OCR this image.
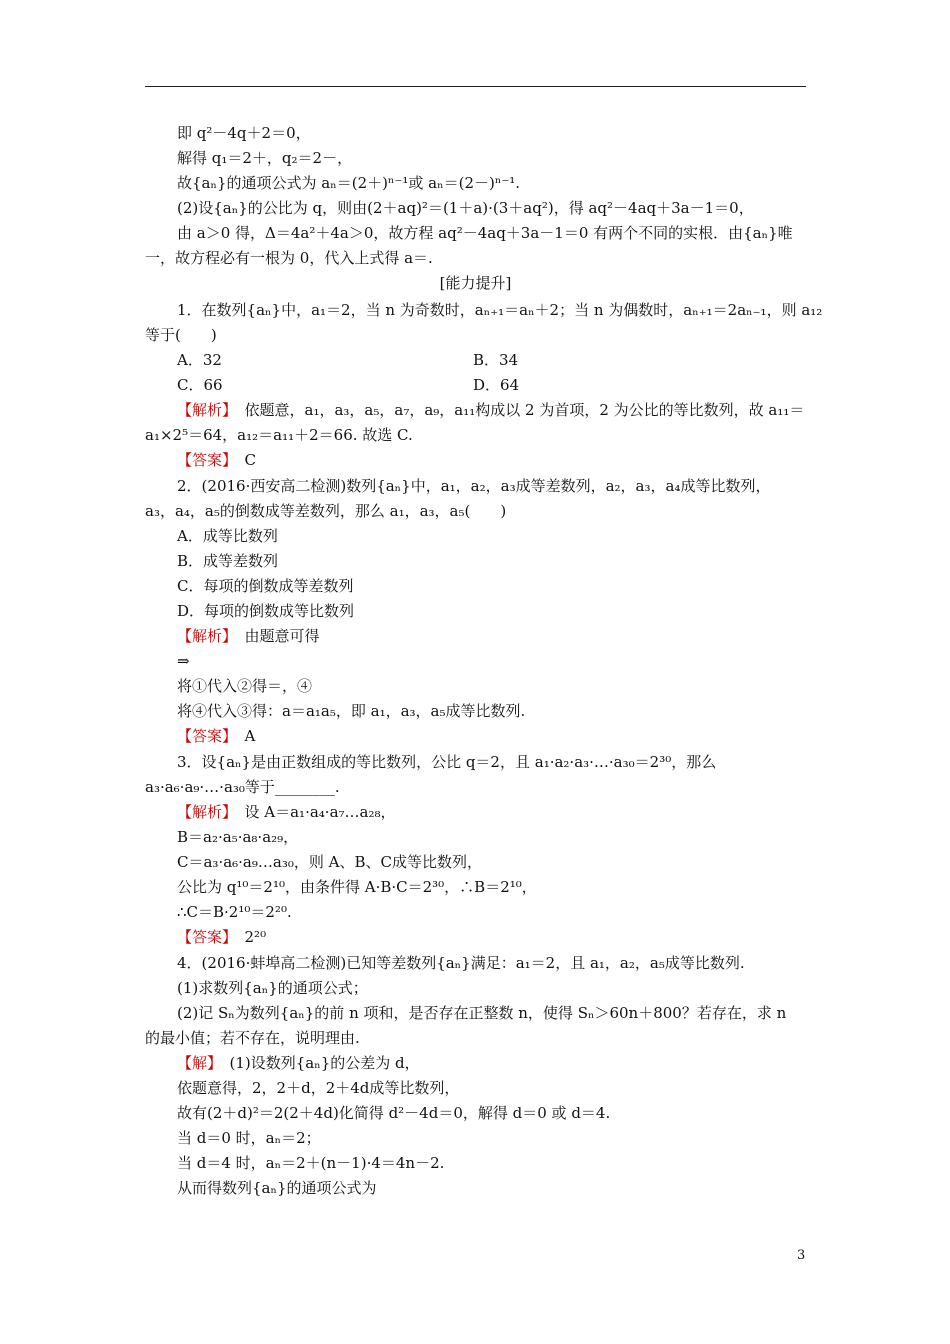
即 q²－4q＋2＝0，
解得 q₁＝2＋，q₂＝2－，
故{aₙ}的通项公式为 aₙ＝(2＋)ⁿ⁻¹或 aₙ＝(2－)ⁿ⁻¹.
(2)设{aₙ}的公比为 q，则由(2＋aq)²＝(1＋a)·(3＋aq²)，得 aq²－4aq＋3a－1＝0，
由 a＞0 得，Δ＝4a²＋4a＞0，故方程 aq²－4aq＋3a－1＝0 有两个不同的实根．由{aₙ}唯
一，故方程必有一根为 0，代入上式得 a＝.
[能力提升]
1．在数列{aₙ}中，a₁＝2，当 n 为奇数时，aₙ₊₁＝aₙ＋2；当 n 为偶数时，aₙ₊₁＝2aₙ₋₁，则 a₁₂
等于(　　)
A．32	B．34
C．66	D．64
【解析】　依题意，a₁，a₃，a₅，a₇，a₉，a₁₁构成以 2 为首项，2 为公比的等比数列，故 a₁₁＝
a₁×2⁵＝64，a₁₂＝a₁₁＋2＝66. 故选 C.
【答案】　C
2．(2016·西安高二检测)数列{aₙ}中，a₁，a₂，a₃成等差数列，a₂，a₃，a₄成等比数列，
a₃，a₄，a₅的倒数成等差数列，那么 a₁，a₃，a₅(　　)
A．成等比数列
B．成等差数列
C．每项的倒数成等差数列
D．每项的倒数成等比数列
【解析】　由题意可得
⇒
将①代入②得＝，④
将④代入③得：a＝a₁a₅，即 a₁，a₃，a₅成等比数列.
【答案】　A
3．设{aₙ}是由正数组成的等比数列，公比 q＝2，且 a₁·a₂·a₃·…·a₃₀＝2³⁰，那么
a₃·a₆·a₉·…·a₃₀等于________.
【解析】　设 A＝a₁·a₄·a₇…a₂₈，
B＝a₂·a₅·a₈·a₂₉，
C＝a₃·a₆·a₉…a₃₀，则 A、B、C成等比数列，
公比为 q¹⁰＝2¹⁰，由条件得 A·B·C＝2³⁰，∴B＝2¹⁰，
∴C＝B·2¹⁰＝2²⁰.
【答案】　2²⁰
4．(2016·蚌埠高二检测)已知等差数列{aₙ}满足：a₁＝2，且 a₁，a₂，a₅成等比数列.
(1)求数列{aₙ}的通项公式；
(2)记 Sₙ为数列{aₙ}的前 n 项和，是否存在正整数 n，使得 Sₙ＞60n＋800？若存在，求 n
的最小值；若不存在，说明理由.
【解】　(1)设数列{aₙ}的公差为 d，
依题意得，2，2＋d，2＋4d成等比数列，
故有(2＋d)²＝2(2＋4d)化简得 d²－4d＝0，解得 d＝0 或 d＝4.
当 d＝0 时，aₙ＝2；
当 d＝4 时，aₙ＝2＋(n－1)·4＝4n－2.
从而得数列{aₙ}的通项公式为
3
